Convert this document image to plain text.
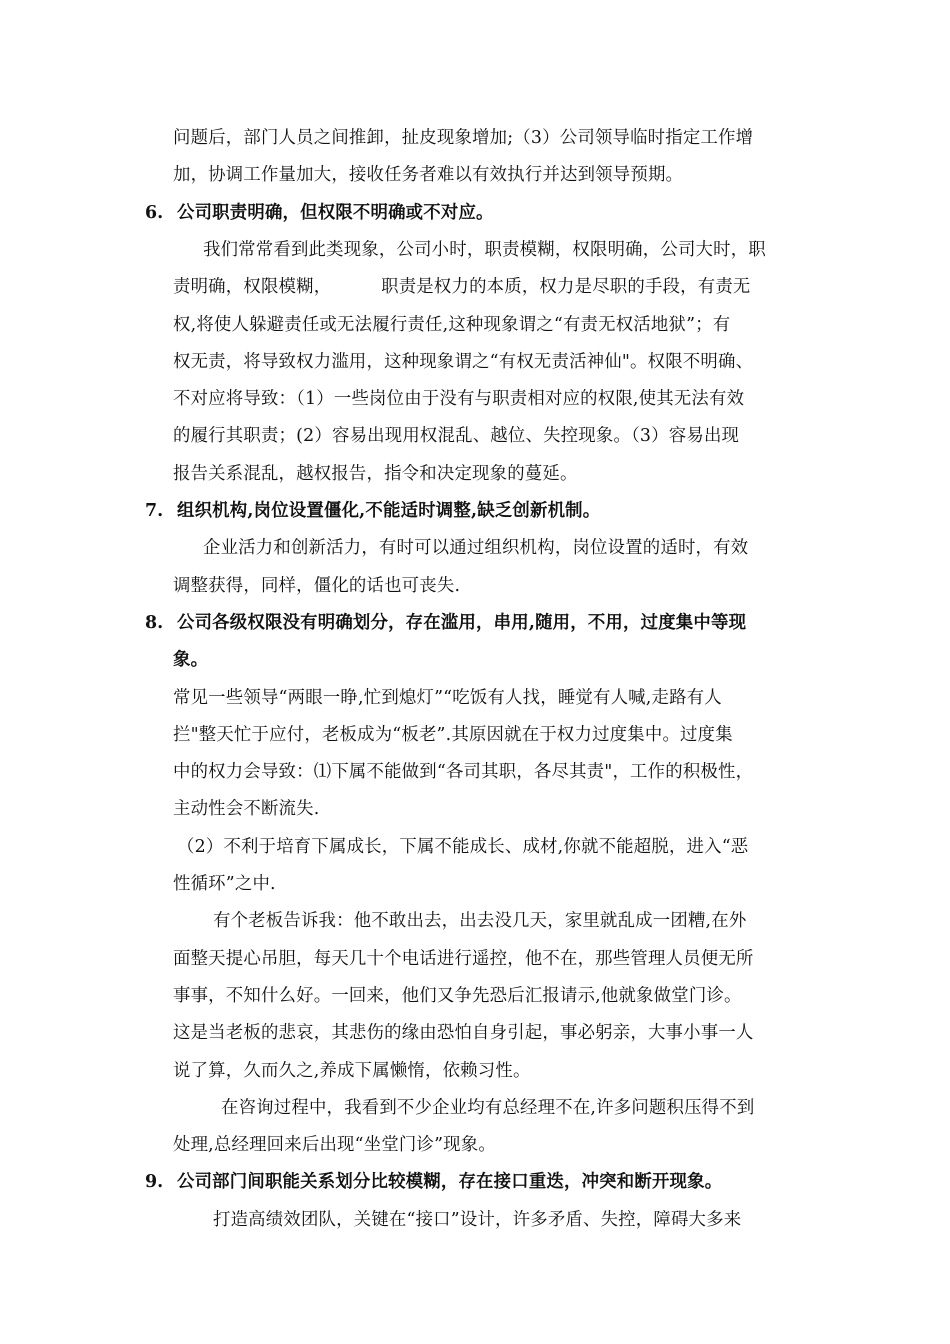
问题后，部门人员之间推卸，扯皮现象增加;（3）公司领导临时指定工作增
加，协调工作量加大，接收任务者难以有效执行并达到领导预期。
6. 公司职责明确，但权限不明确或不对应。
我们常常看到此类现象，公司小时，职责模糊，权限明确，公司大时，职
责明确，权限模糊，　　　 职责是权力的本质，权力是尽职的手段，有责无
权,将使人躲避责任或无法履行责任,这种现象谓之“有责无权活地狱”；有
权无责，将导致权力滥用，这种现象谓之“有权无责活神仙"。权限不明确、
不对应将导致：（1）一些岗位由于没有与职责相对应的权限,使其无法有效
的履行其职责；(2）容易出现用权混乱、越位、失控现象。（3）容易出现
报告关系混乱，越权报告，指令和决定现象的蔓延。
7. 组织机构,岗位设置僵化,不能适时调整,缺乏创新机制。
企业活力和创新活力，有时可以通过组织机构，岗位设置的适时，有效
调整获得，同样，僵化的话也可丧失.
8. 公司各级权限没有明确划分，存在滥用，串用,随用，不用，过度集中等现
象。
常见一些领导“两眼一睁,忙到熄灯”“吃饭有人找，睡觉有人喊,走路有人
拦"整天忙于应付，老板成为“板老”.其原因就在于权力过度集中。过度集
中的权力会导致：⑴下属不能做到“各司其职，各尽其责"，工作的积极性，
主动性会不断流失.
（2）不利于培育下属成长，下属不能成长、成材,你就不能超脱，进入“恶
性循环”之中.
有个老板告诉我：他不敢出去，出去没几天，家里就乱成一团糟,在外
面整天提心吊胆，每天几十个电话进行遥控，他不在，那些管理人员便无所
事事，不知什么好。一回来，他们又争先恐后汇报请示,他就象做堂门诊。
这是当老板的悲哀，其悲伤的缘由恐怕自身引起，事必躬亲，大事小事一人
说了算，久而久之,养成下属懒惰，依赖习性。
在咨询过程中，我看到不少企业均有总经理不在,许多问题积压得不到
处理,总经理回来后出现“坐堂门诊”现象。
9. 公司部门间职能关系划分比较模糊，存在接口重迭，冲突和断开现象。
打造高绩效团队，关键在“接口”设计，许多矛盾、失控，障碍大多来
